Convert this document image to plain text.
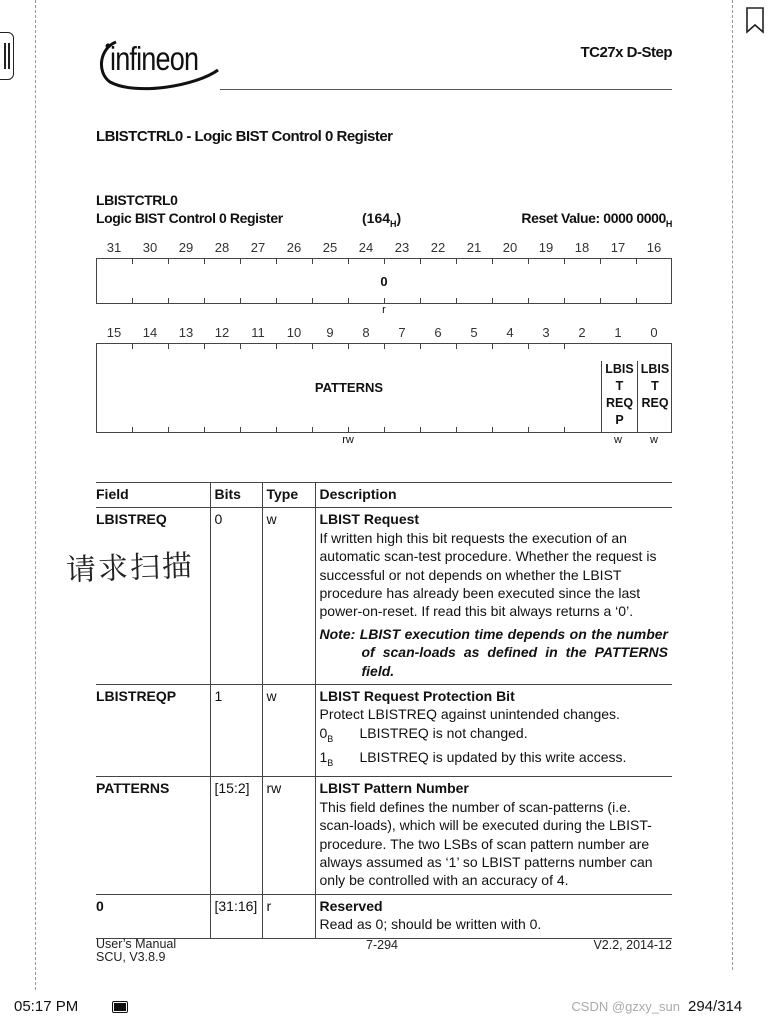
infineon	TC27x D-Step
LBISTCTRL0 - Logic BIST Control 0 Register
LBISTCTRL0
Logic BIST Control 0 Register	$(164_H)$	Reset Value: 0000 $0000_H$
31	30	29	28	27	26	25	24	23	22	21	20	19	18	17	16
0
r
15	14	13	12	11	10	9	8	7	6	5	4	3	2	1	0
PATTERNS
LBIS
T
REQ
P
LBIS
T
REQ
rw	w	w
Field	Bits	Type	Description
LBISTREQ	0	w	LBIST Request
If written high this bit requests the execution of an automatic scan-test procedure. Whether the request is successful or not depends on whether the LBIST procedure has already been executed since the last power-on-reset. If read this bit always returns a ‘0’.
Note: LBIST execution time depends on the number of scan-loads as defined in the PATTERNS field.

LBISTREQP	1	w	LBIST Request Protection Bit
Protect LBISTREQ against unintended changes.
$0_B$ LBISTREQ is not changed.
$1_B$ LBISTREQ is updated by this write access.

PATTERNS	[15:2]	rw	LBIST Pattern Number
This field defines the number of scan-patterns (i.e. scan-loads), which will be executed during the LBIST-procedure. The two LSBs of scan pattern number are always assumed as ‘1’ so LBIST patterns number can only be controlled with an accuracy of 4.

0	[31:16]	r	Reserved
Read as 0; should be written with 0.
请求扫描
User’s Manual
SCU, V3.8.9
7-294	V2.2, 2014-12
05:17 PM	CSDN @gzxy_sun 294/314
